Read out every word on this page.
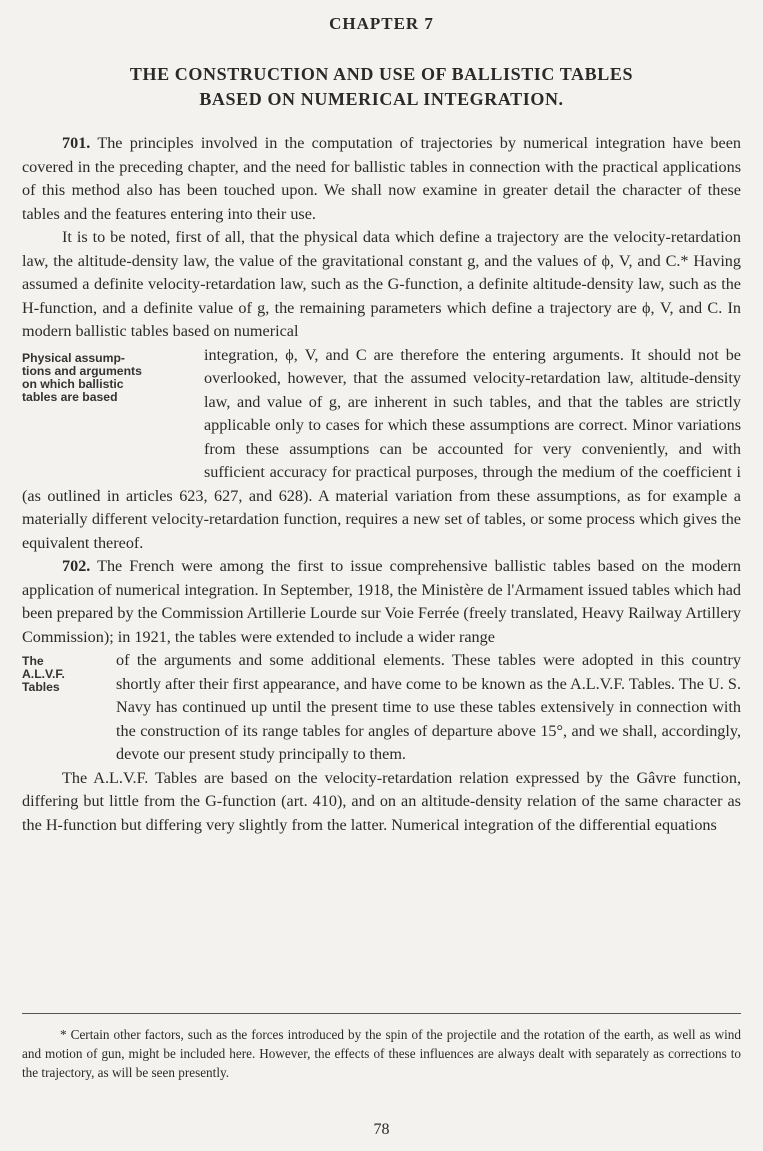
CHAPTER 7
THE CONSTRUCTION AND USE OF BALLISTIC TABLES
BASED ON NUMERICAL INTEGRATION.

701. The principles involved in the computation of trajectories by numerical integration have been covered in the preceding chapter, and the need for ballistic tables in connection with the practical applications of this method also has been touched upon. We shall now examine in greater detail the character of these tables and the features entering into their use.

It is to be noted, first of all, that the physical data which define a trajectory are the velocity-retardation law, the altitude-density law, the value of the gravitational constant g, and the values of ϕ, V, and C.* Having assumed a definite velocity-retardation law, such as the G-function, a definite altitude-density law, such as the H-function, and a definite value of g, the remaining parameters which define a trajectory are ϕ, V, and C. In modern ballistic tables based on numerical

Physical assump-
tions and arguments
on which ballistic
tables are based
integration, ϕ, V, and C are therefore the entering arguments. It should not be overlooked, however, that the assumed velocity-retardation law, altitude-density law, and value of g, are inherent in such tables, and that the tables are strictly applicable only to cases for which these assumptions are correct. Minor variations from these assumptions can be accounted for very conveniently, and with sufficient accuracy for practical purposes, through the medium of the coefficient i (as outlined in articles 623, 627, and 628). A material variation from these assumptions, as for example a materially different velocity-retardation function, requires a new set of tables, or some process which gives the equivalent thereof.

702. The French were among the first to issue comprehensive ballistic tables based on the modern application of numerical integration. In September, 1918, the Ministère de l'Armament issued tables which had been prepared by the Commission Artillerie Lourde sur Voie Ferrée (freely translated, Heavy Railway Artillery Commission); in 1921, the tables were extended to include a wider range

The
A.L.V.F.
Tables
of the arguments and some additional elements. These tables were adopted in this country shortly after their first appearance, and have come to be known as the A.L.V.F. Tables. The U. S. Navy has continued up until the present time to use these tables extensively in connection with the construction of its range tables for angles of departure above 15°, and we shall, accordingly, devote our present study principally to them.

The A.L.V.F. Tables are based on the velocity-retardation relation expressed by the Gâvre function, differing but little from the G-function (art. 410), and on an altitude-density relation of the same character as the H-function but differing very slightly from the latter. Numerical integration of the differential equations

* Certain other factors, such as the forces introduced by the spin of the projectile and the rotation of the earth, as well as wind and motion of gun, might be included here. However, the effects of these influences are always dealt with separately as corrections to the trajectory, as will be seen presently.
78
